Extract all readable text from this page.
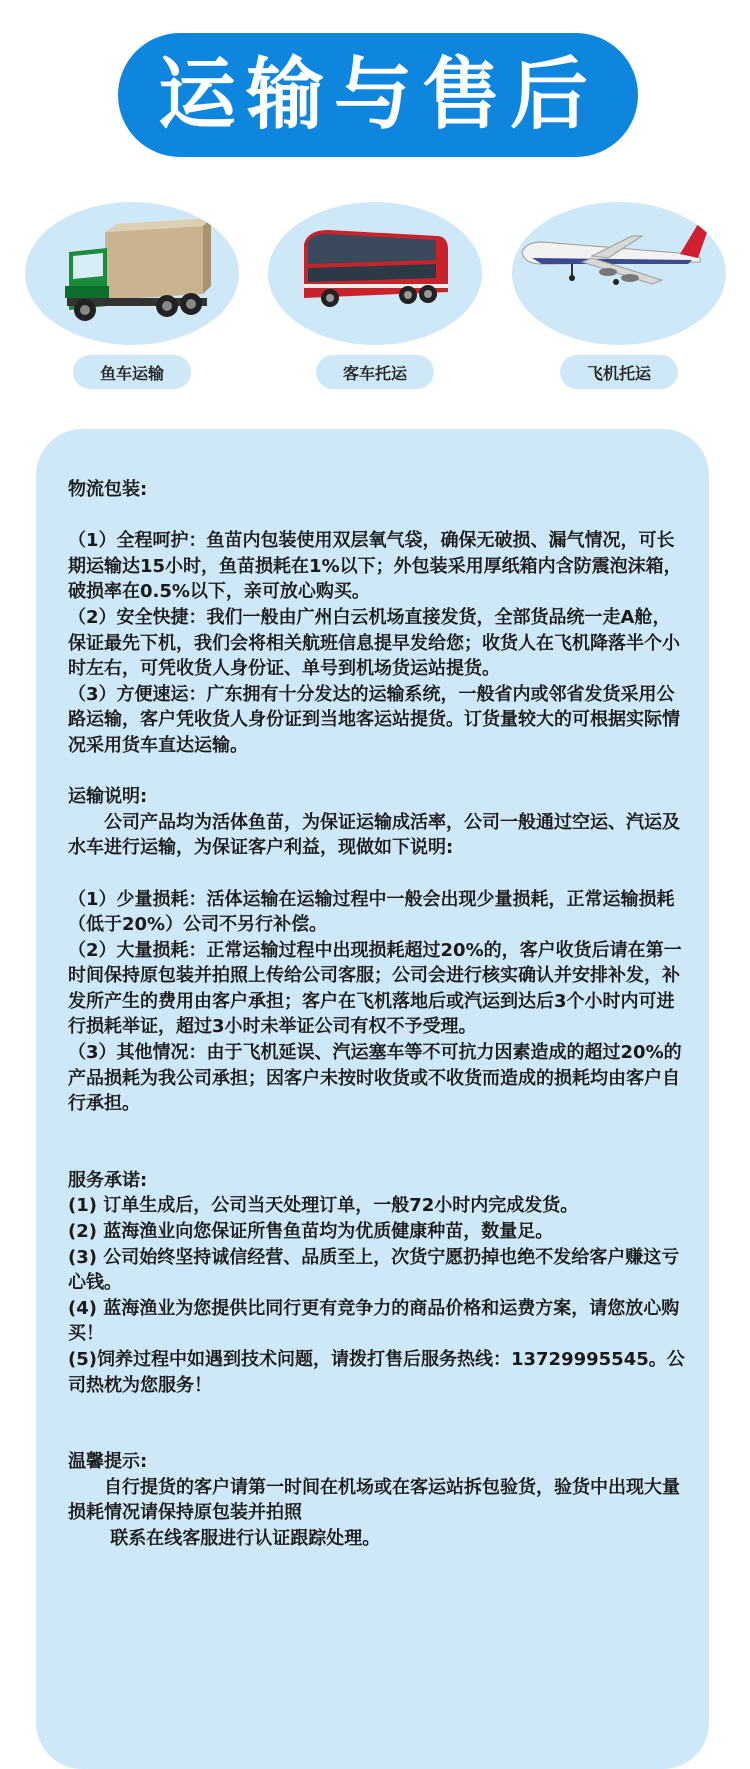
运输与售后
鱼车运输	客车托运	飞机托运

物流包装:

（1）全程呵护：鱼苗内包装使用双层氧气袋，确保无破损、漏气情况，可长期运输达15小时，鱼苗损耗在1%以下；外包装采用厚纸箱内含防震泡沫箱，破损率在0.5%以下，亲可放心购买。

（2）安全快捷：我们一般由广州白云机场直接发货，全部货品统一走A舱，保证最先下机，我们会将相关航班信息提早发给您；收货人在飞机降落半个小时左右，可凭收货人身份证、单号到机场货运站提货。

（3）方便速运：广东拥有十分发达的运输系统，一般省内或邻省发货采用公路运输，客户凭收货人身份证到当地客运站提货。订货量较大的可根据实际情况采用货车直达运输。

运输说明:

　　公司产品均为活体鱼苗，为保证运输成活率，公司一般通过空运、汽运及水车进行运输，为保证客户利益，现做如下说明:

（1）少量损耗：活体运输在运输过程中一般会出现少量损耗，正常运输损耗（低于20%）公司不另行补偿。

（2）大量损耗：正常运输过程中出现损耗超过20%的，客户收货后请在第一时间保持原包装并拍照上传给公司客服；公司会进行核实确认并安排补发，补发所产生的费用由客户承担；客户在飞机落地后或汽运到达后3个小时内可进行损耗举证，超过3小时未举证公司有权不予受理。

（3）其他情况：由于飞机延误、汽运塞车等不可抗力因素造成的超过20%的产品损耗为我公司承担；因客户未按时收货或不收货而造成的损耗均由客户自行承担。

服务承诺:

(1) 订单生成后，公司当天处理订单，一般72小时内完成发货。

(2) 蓝海渔业向您保证所售鱼苗均为优质健康种苗，数量足。

(3) 公司始终坚持诚信经营、品质至上，次货宁愿扔掉也绝不发给客户赚这亏心钱。

(4) 蓝海渔业为您提供比同行更有竞争力的商品价格和运费方案，请您放心购买！

(5)饲养过程中如遇到技术问题，请拨打售后服务热线：13729995545。公司热枕为您服务！

温馨提示:

　　自行提货的客户请第一时间在机场或在客运站拆包验货，验货中出现大量损耗情况请保持原包装并拍照

　　 联系在线客服进行认证跟踪处理。
